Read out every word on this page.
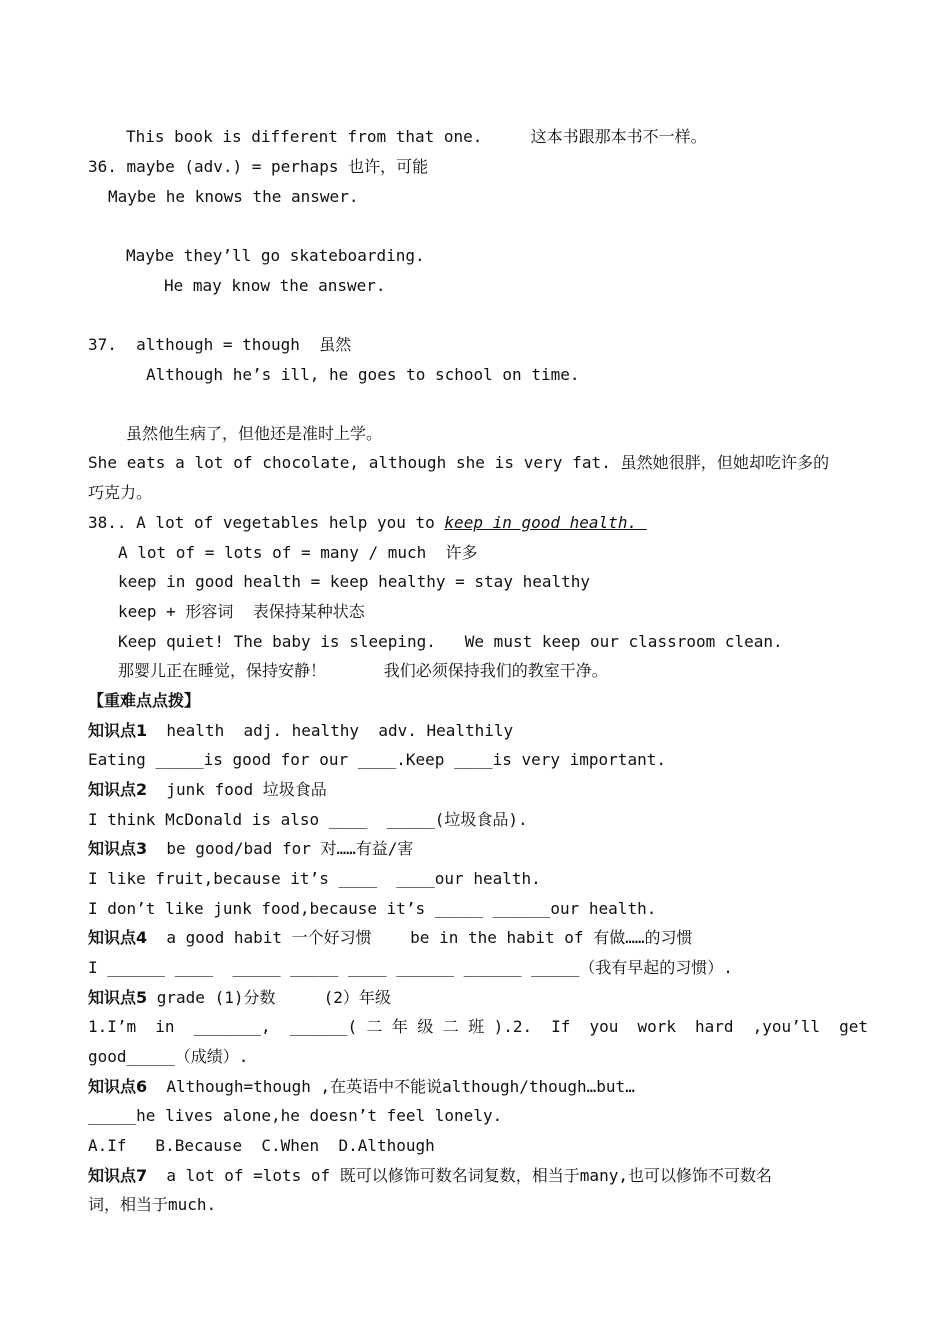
This book is different from that one.     这本书跟那本书不一样。
36. maybe (adv.) = perhaps 也许，可能
Maybe he knows the answer.
Maybe they’ll go skateboarding.
He may know the answer.
37.  although = though  虽然
Although he’s ill, he goes to school on time.
虽然他生病了，但他还是准时上学。
She eats a lot of chocolate, although she is very fat. 虽然她很胖，但她却吃许多的
巧克力。
38.. A lot of vegetables help you to keep in good health.
A lot of = lots of = many / much  许多
keep in good health = keep healthy = stay healthy
keep + 形容词  表保持某种状态
Keep quiet! The baby is sleeping.   We must keep our classroom clean.
那婴儿正在睡觉，保持安静！      我们必须保持我们的教室干净。
【重难点点拨】
知识点1  health  adj. healthy  adv. Healthily
Eating _____is good for our ____.Keep ____is very important.
知识点2  junk food 垃圾食品
I think McDonald is also ____  _____(垃圾食品).
知识点3  be good/bad for 对……有益/害
I like fruit,because it’s ____  ____our health.
I don’t like junk food,because it’s _____ ______our health.
知识点4  a good habit 一个好习惯    be in the habit of 有做……的习惯
I ______ ____  _____ _____ ____ ______ ______ _____（我有早起的习惯）.
知识点5 grade (1)分数     (2）年级
1.I’m in _______, ______(二年级二班).2. If you work hard ,you’ll get
good_____（成绩）.
知识点6  Although=though ,在英语中不能说although/though…but…
_____he lives alone,he doesn’t feel lonely.
A.If   B.Because  C.When  D.Although
知识点7  a lot of =lots of 既可以修饰可数名词复数，相当于many,也可以修饰不可数名
词，相当于much.
